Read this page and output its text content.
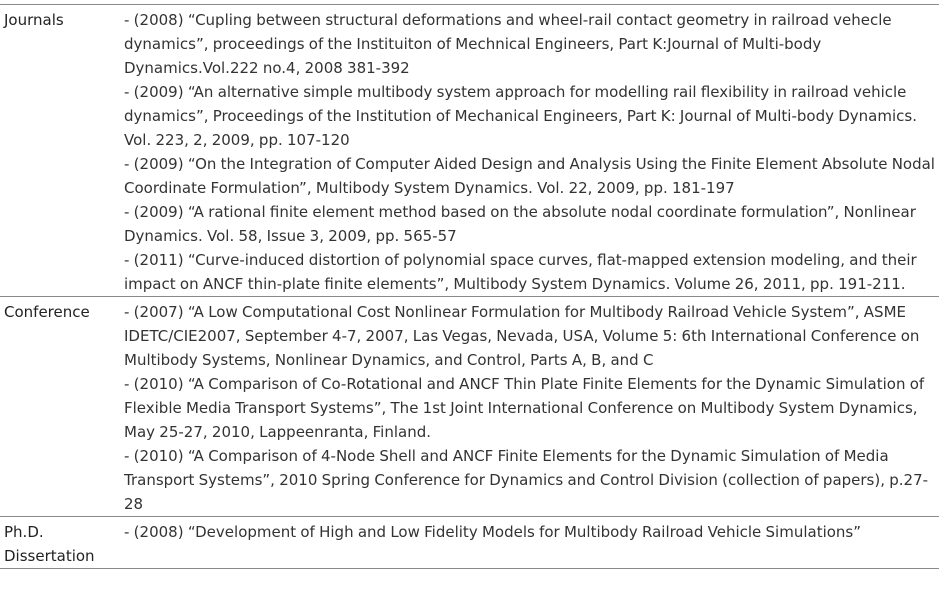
Journals	- (2008) “Cupling between structural deformations and wheel-rail contact geometry in railroad vehecle dynamics”, proceedings of the Instituiton of Mechnical Engineers, Part K:Journal of Multi-body Dynamics.Vol.222 no.4, 2008 381-392
- (2009) “An alternative simple multibody system approach for modelling rail flexibility in railroad vehicle dynamics”, Proceedings of the Institution of Mechanical Engineers, Part K: Journal of Multi-body Dynamics. Vol. 223, 2, 2009, pp. 107-120
- (2009) “On the Integration of Computer Aided Design and Analysis Using the Finite Element Absolute Nodal Coordinate Formulation”, Multibody System Dynamics. Vol. 22, 2009, pp. 181-197
- (2009) “A rational finite element method based on the absolute nodal coordinate formulation”, Nonlinear Dynamics. Vol. 58, Issue 3, 2009, pp. 565-57
- (2011) “Curve-induced distortion of polynomial space curves, flat-mapped extension modeling, and their impact on ANCF thin-plate finite elements”, Multibody System Dynamics. Volume 26, 2011, pp. 191-211.

Conference	- (2007) “A Low Computational Cost Nonlinear Formulation for Multibody Railroad Vehicle System”, ASME IDETC/CIE2007, September 4-7, 2007, Las Vegas, Nevada, USA, Volume 5: 6th International Conference on Multibody Systems, Nonlinear Dynamics, and Control, Parts A, B, and C
- (2010) “A Comparison of Co-Rotational and ANCF Thin Plate Finite Elements for the Dynamic Simulation of Flexible Media Transport Systems”, The 1st Joint International Conference on Multibody System Dynamics, May 25-27, 2010, Lappeenranta, Finland.
- (2010) “A Comparison of 4-Node Shell and ANCF Finite Elements for the Dynamic Simulation of Media Transport Systems”, 2010 Spring Conference for Dynamics and Control Division (collection of papers), p.27-28

Ph.D.
Dissertation	- (2008) “Development of High and Low Fidelity Models for Multibody Railroad Vehicle Simulations”
